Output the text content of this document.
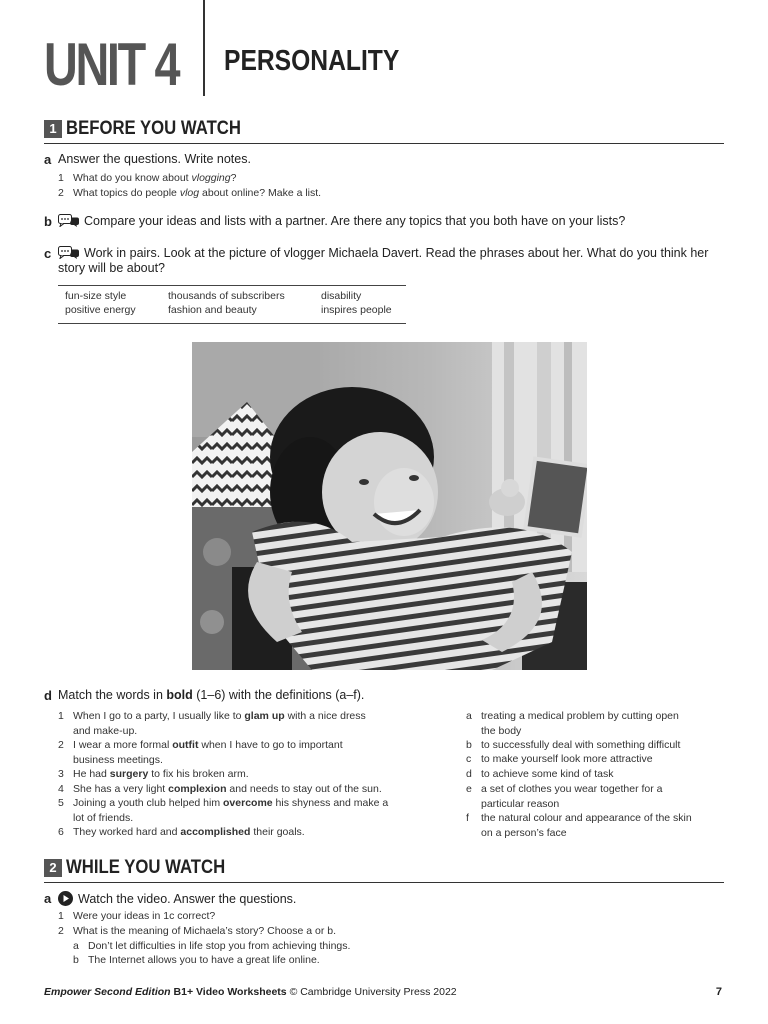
UNIT 4 PERSONALITY
1 BEFORE YOU WATCH
a Answer the questions. Write notes.
1 What do you know about vlogging?
2 What topics do people vlog about online? Make a list.
b	Compare your ideas and lists with a partner. Are there any topics that you both have on your lists?
c	Work in pairs. Look at the picture of vlogger Michaela Davert. Read the phrases about her. What do you think her
story will be about?
fun-size style	thousands of subscribers	disability
positive energy	fashion and beauty	inspires people
d Match the words in bold (1–6) with the definitions (a–f).
1 When I go to a party, I usually like to glam up with a nice dress
and make-up.
2 I wear a more formal outfit when I have to go to important
business meetings.
3 He had surgery to fix his broken arm.
4 She has a very light complexion and needs to stay out of the sun.
5 Joining a youth club helped him overcome his shyness and make a
lot of friends.
6 They worked hard and accomplished their goals.
a treating a medical problem by cutting open
the body
b to successfully deal with something difficult
c to make yourself look more attractive
d to achieve some kind of task
e a set of clothes you wear together for a
particular reason
f the natural colour and appearance of the skin
on a person’s face
2 WHILE YOU WATCH
a	Watch the video. Answer the questions.
1 Were your ideas in 1c correct?
2 What is the meaning of Michaela’s story? Choose a or b.
a Don’t let difficulties in life stop you from achieving things.
b The Internet allows you to have a great life online.
Empower Second Edition B1+ Video Worksheets © Cambridge University Press 2022	7
